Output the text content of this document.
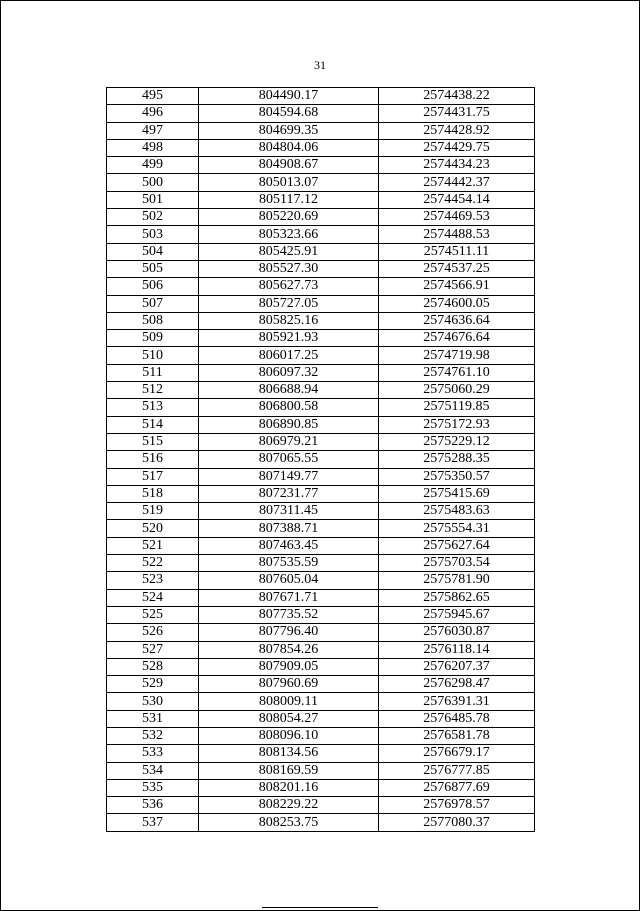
31
495	804490.17	2574438.22
496	804594.68	2574431.75
497	804699.35	2574428.92
498	804804.06	2574429.75
499	804908.67	2574434.23
500	805013.07	2574442.37
501	805117.12	2574454.14
502	805220.69	2574469.53
503	805323.66	2574488.53
504	805425.91	2574511.11
505	805527.30	2574537.25
506	805627.73	2574566.91
507	805727.05	2574600.05
508	805825.16	2574636.64
509	805921.93	2574676.64
510	806017.25	2574719.98
511	806097.32	2574761.10
512	806688.94	2575060.29
513	806800.58	2575119.85
514	806890.85	2575172.93
515	806979.21	2575229.12
516	807065.55	2575288.35
517	807149.77	2575350.57
518	807231.77	2575415.69
519	807311.45	2575483.63
520	807388.71	2575554.31
521	807463.45	2575627.64
522	807535.59	2575703.54
523	807605.04	2575781.90
524	807671.71	2575862.65
525	807735.52	2575945.67
526	807796.40	2576030.87
527	807854.26	2576118.14
528	807909.05	2576207.37
529	807960.69	2576298.47
530	808009.11	2576391.31
531	808054.27	2576485.78
532	808096.10	2576581.78
533	808134.56	2576679.17
534	808169.59	2576777.85
535	808201.16	2576877.69
536	808229.22	2576978.57
537	808253.75	2577080.37
